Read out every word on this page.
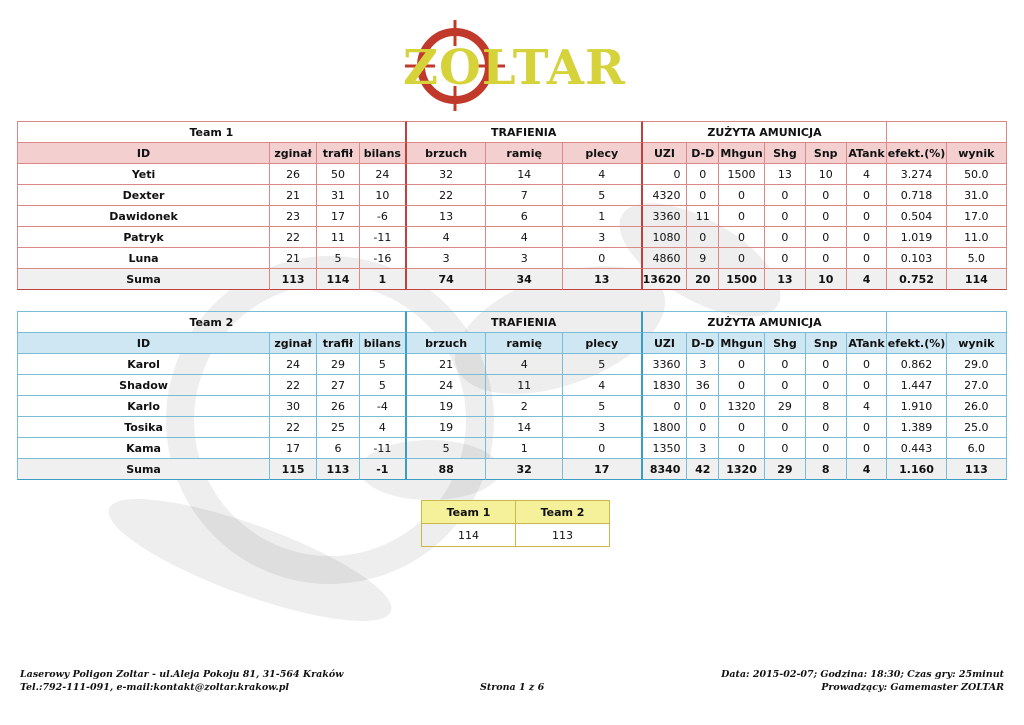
ZOLTAR
Team 1				TRAFIENIA			ZUŻYTA AMUNICJA							
ID	zginał	trafił	bilans	brzuch	ramię	plecy	UZI	D-D	Mhgun	Shg	Snp	ATank	efekt.(%)	wynik
Yeti	26	50	24	32	14	4	0	0	1500	13	10	4	3.274	50.0
Dexter	21	31	10	22	7	5	4320	0	0	0	0	0	0.718	31.0
Dawidonek	23	17	-6	13	6	1	3360	11	0	0	0	0	0.504	17.0
Patryk	22	11	-11	4	4	3	1080	0	0	0	0	0	1.019	11.0
Luna	21	5	-16	3	3	0	4860	9	0	0	0	0	0.103	5.0
Suma	113	114	1	74	34	13	13620	20	1500	13	10	4	0.752	114
Team 2				TRAFIENIA			ZUŻYTA AMUNICJA							
ID	zginał	trafił	bilans	brzuch	ramię	plecy	UZI	D-D	Mhgun	Shg	Snp	ATank	efekt.(%)	wynik
Karol	24	29	5	21	4	5	3360	3	0	0	0	0	0.862	29.0
Shadow	22	27	5	24	11	4	1830	36	0	0	0	0	1.447	27.0
Karlo	30	26	-4	19	2	5	0	0	1320	29	8	4	1.910	26.0
Tosika	22	25	4	19	14	3	1800	0	0	0	0	0	1.389	25.0
Kama	17	6	-11	5	1	0	1350	3	0	0	0	0	0.443	6.0
Suma	115	113	-1	88	32	17	8340	42	1320	29	8	4	1.160	113
Team 1	Team 2
114	113
Laserowy Poligon Zoltar - ul.Aleja Pokoju 81, 31-564 Kraków
Tel.:792-111-091, e-mail:kontakt@zoltar.krakow.pl	Strona 1 z 6
Data: 2015-02-07; Godzina: 18:30; Czas gry: 25minut
Prowadzący: Gamemaster ZOLTAR
